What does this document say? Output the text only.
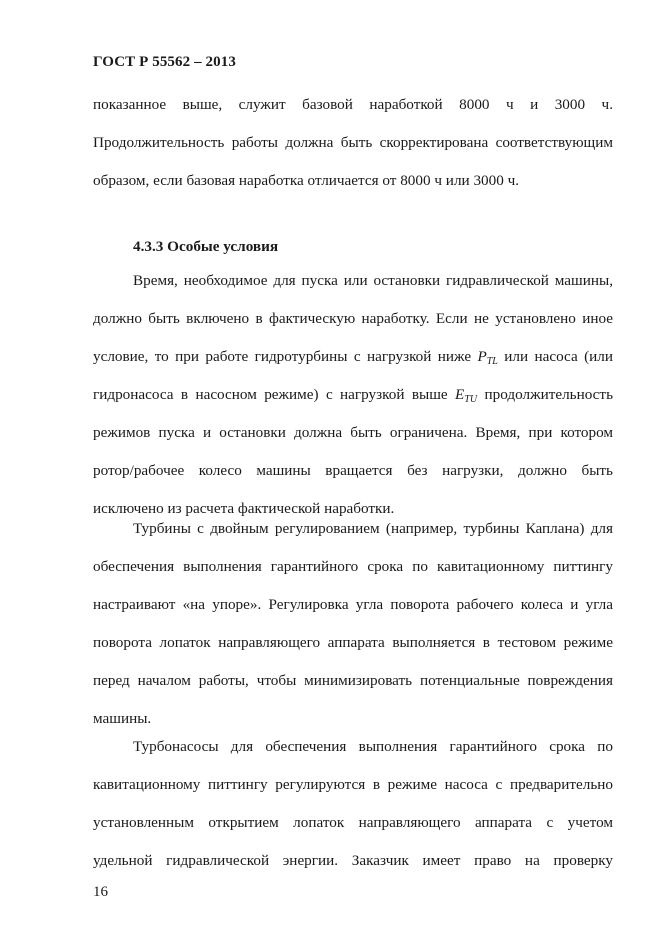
ГОСТ Р 55562 – 2013
показанное выше, служит базовой наработкой 8000 ч и 3000 ч.
Продолжительность работы должна быть скорректирована соответствующим
образом, если базовая наработка отличается от 8000 ч или 3000 ч.
4.3.3 Особые условия
Время, необходимое для пуска или остановки гидравлической машины,
должно быть включено в фактическую наработку. Если не установлено иное
условие, то при работе гидротурбины с нагрузкой ниже $P_{TL}$ или насоса (или
гидронасоса в насосном режиме) с нагрузкой выше $E_{TU}$ продолжительность
режимов пуска и остановки должна быть ограничена. Время, при котором
ротор/рабочее колесо машины вращается без нагрузки, должно быть
исключено из расчета фактической наработки.
Турбины с двойным регулированием (например, турбины Каплана) для
обеспечения выполнения гарантийного срока по кавитационному питтингу
настраивают «на упоре». Регулировка угла поворота рабочего колеса и угла
поворота лопаток направляющего аппарата выполняется в тестовом режиме
перед началом работы, чтобы минимизировать потенциальные повреждения
машины.
Турбонасосы для обеспечения выполнения гарантийного срока по
кавитационному питтингу регулируются в режиме насоса с предварительно
установленным открытием лопаток направляющего аппарата с учетом
удельной гидравлической энергии. Заказчик имеет право на проверку
16
